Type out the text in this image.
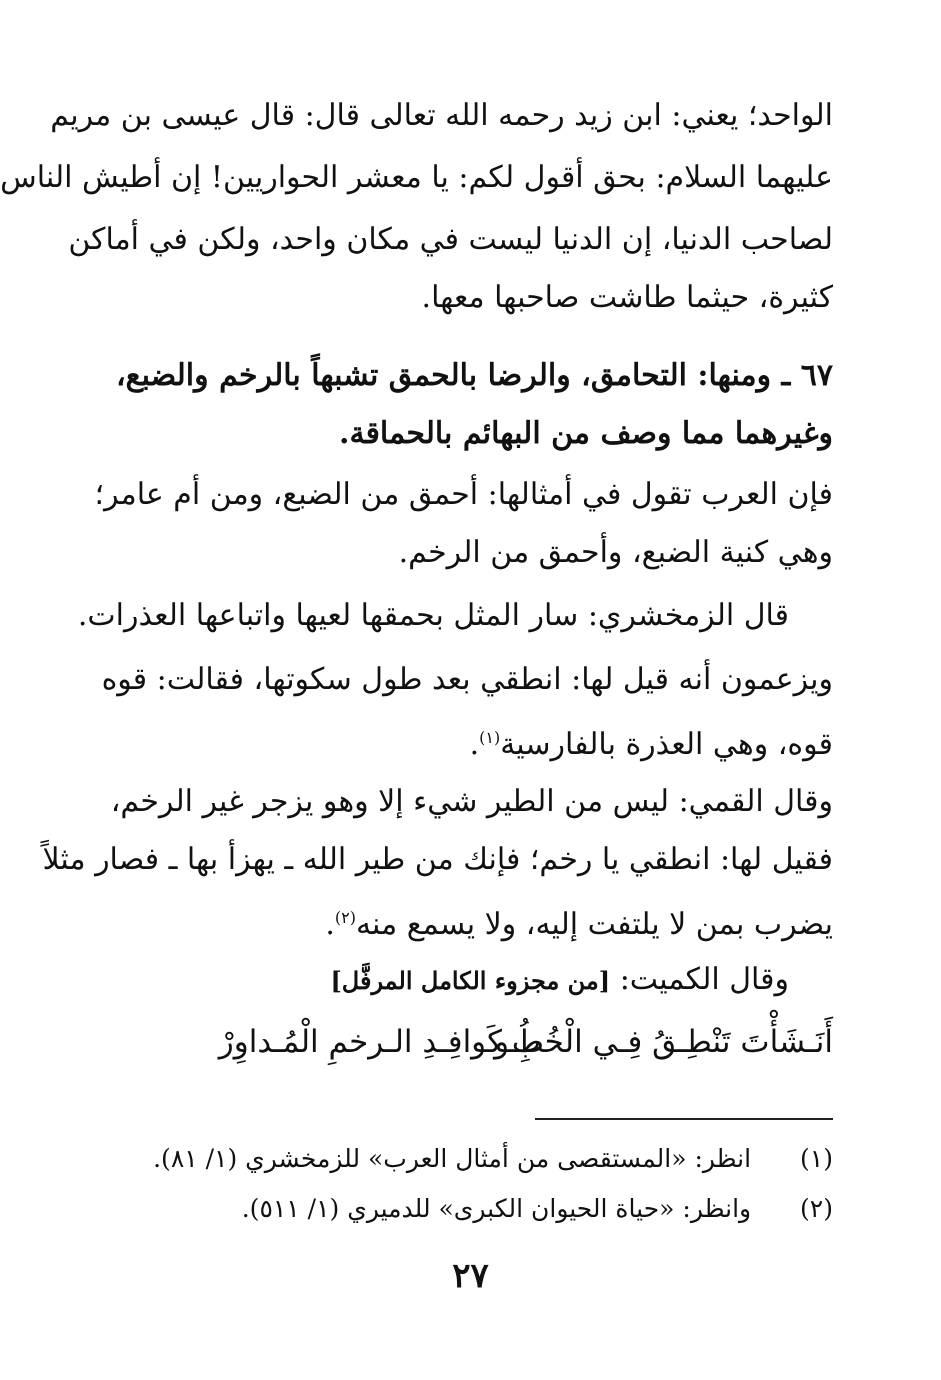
الواحد؛ يعني: ابن زيد رحمه الله تعالى قال: قال عيسى بن مريم
عليهما السلام: بحق أقول لكم: يا معشر الحواريين! إن أطيش الناس
لصاحب الدنيا، إن الدنيا ليست في مكان واحد، ولكن في أماكن
كثيرة، حيثما طاشت صاحبها معها.
٦٧ ـ ومنها: التحامق، والرضا بالحمق تشبهاً بالرخم والضبع،
وغيرهما مما وصف من البهائم بالحماقة.
فإن العرب تقول في أمثالها: أحمق من الضبع، ومن أم عامر؛
وهي كنية الضبع، وأحمق من الرخم.
قال الزمخشري: سار المثل بحمقها لعيها واتباعها العذرات.
ويزعمون أنه قيل لها: انطقي بعد طول سكوتها، فقالت: قوه
قوه، وهي العذرة بالفارسية$^{(١)}$.
وقال القمي: ليس من الطير شيء إلا وهو يزجر غير الرخم،
فقيل لها: انطقي يا رخم؛ فإنك من طير الله ـ يهزأ بها ـ فصار مثلاً
يضرب بمن لا يلتفت إليه، ولا يسمع منه$^{(٢)}$.
وقال الكميت: [من مجزوء الكامل المرفَّل]
أَنَـشَأْتَ تَنْطِـقُ فِـي الْخُطُـو
بِ كَوافِـدِ الـرخمِ الْمُـداوِرْ
(١)  انظر: «المستقصى من أمثال العرب» للزمخشري (١/ ٨١).
(٢)  وانظر: «حياة الحيوان الكبرى» للدميري (١/ ٥١١).
٢٧
